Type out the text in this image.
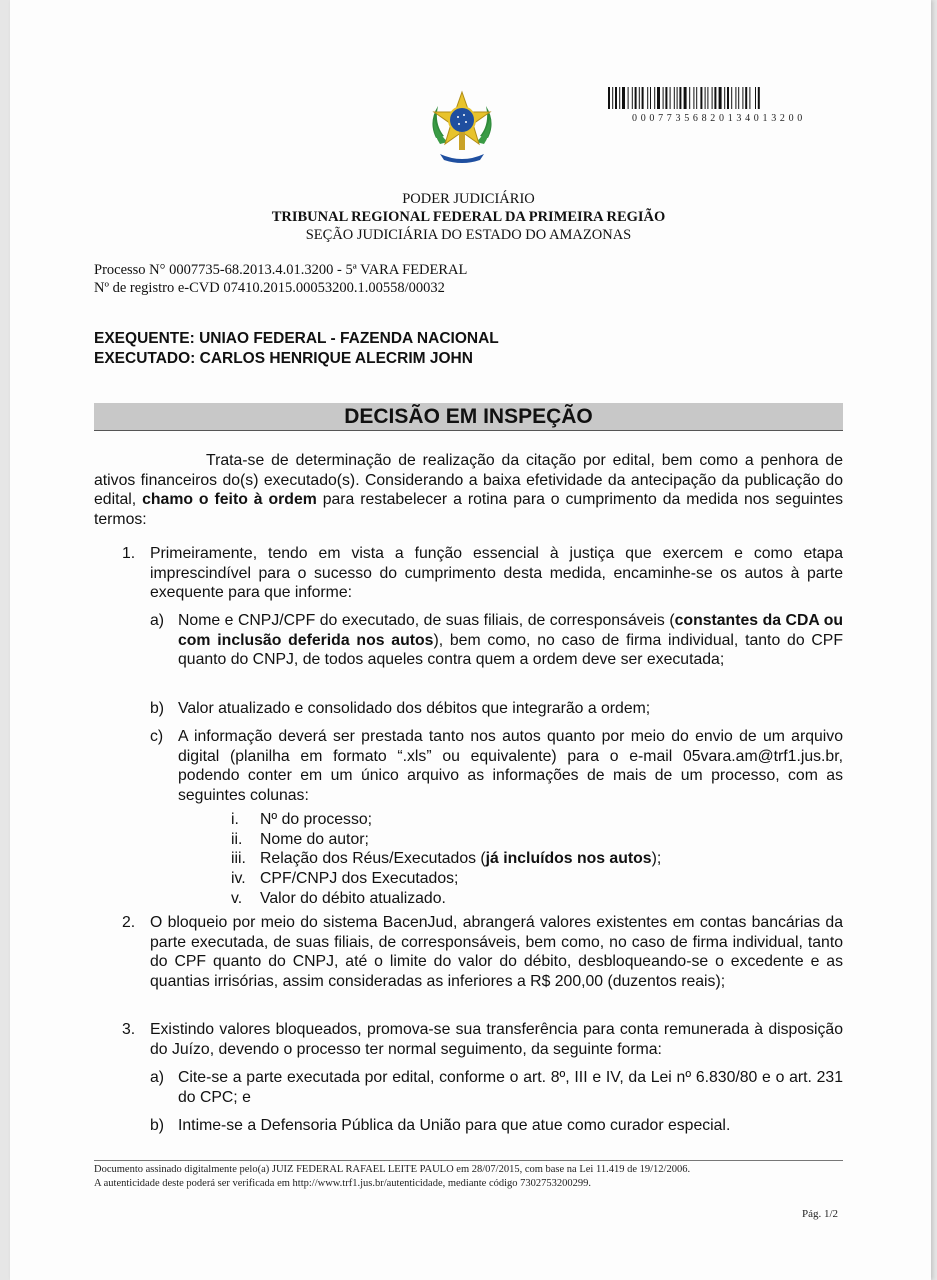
00077356820134013200
PODER JUDICIÁRIO
TRIBUNAL REGIONAL FEDERAL DA PRIMEIRA REGIÃO
SEÇÃO JUDICIÁRIA DO ESTADO DO AMAZONAS
Processo N° 0007735-68.2013.4.01.3200 - 5ª VARA FEDERAL
Nº de registro e-CVD 07410.2015.00053200.1.00558/00032
EXEQUENTE: UNIAO FEDERAL - FAZENDA NACIONAL
EXECUTADO: CARLOS HENRIQUE ALECRIM JOHN
DECISÃO EM INSPEÇÃO
Trata-se de determinação de realização da citação por edital, bem como a penhora de ativos financeiros do(s) executado(s). Considerando a baixa efetividade da antecipação da publicação do edital, chamo o feito à ordem para restabelecer a rotina para o cumprimento da medida nos seguintes termos:
1. Primeiramente, tendo em vista a função essencial à justiça que exercem e como etapa imprescindível para o sucesso do cumprimento desta medida, encaminhe-se os autos à parte exequente para que informe:
a) Nome e CNPJ/CPF do executado, de suas filiais, de corresponsáveis (constantes da CDA ou com inclusão deferida nos autos), bem como, no caso de firma individual, tanto do CPF quanto do CNPJ, de todos aqueles contra quem a ordem deve ser executada;
b) Valor atualizado e consolidado dos débitos que integrarão a ordem;
c) A informação deverá ser prestada tanto nos autos quanto por meio do envio de um arquivo digital (planilha em formato “.xls” ou equivalente) para o e-mail 05vara.am@trf1.jus.br, podendo conter em um único arquivo as informações de mais de um processo, com as seguintes colunas:
i. Nº do processo;
ii. Nome do autor;
iii. Relação dos Réus/Executados (já incluídos nos autos);
iv. CPF/CNPJ dos Executados;
v. Valor do débito atualizado.
2. O bloqueio por meio do sistema BacenJud, abrangerá valores existentes em contas bancárias da parte executada, de suas filiais, de corresponsáveis, bem como, no caso de firma individual, tanto do CPF quanto do CNPJ, até o limite do valor do débito, desbloqueando-se o excedente e as quantias irrisórias, assim consideradas as inferiores a R$ 200,00 (duzentos reais);
3. Existindo valores bloqueados, promova-se sua transferência para conta remunerada à disposição do Juízo, devendo o processo ter normal seguimento, da seguinte forma:
a) Cite-se a parte executada por edital, conforme o art. 8º, III e IV, da Lei nº 6.830/80 e o art. 231 do CPC; e
b) Intime-se a Defensoria Pública da União para que atue como curador especial.
Documento assinado digitalmente pelo(a) JUIZ FEDERAL RAFAEL LEITE PAULO em 28/07/2015, com base na Lei 11.419 de 19/12/2006.
A autenticidade deste poderá ser verificada em http://www.trf1.jus.br/autenticidade, mediante código 7302753200299.
Pág. 1/2
